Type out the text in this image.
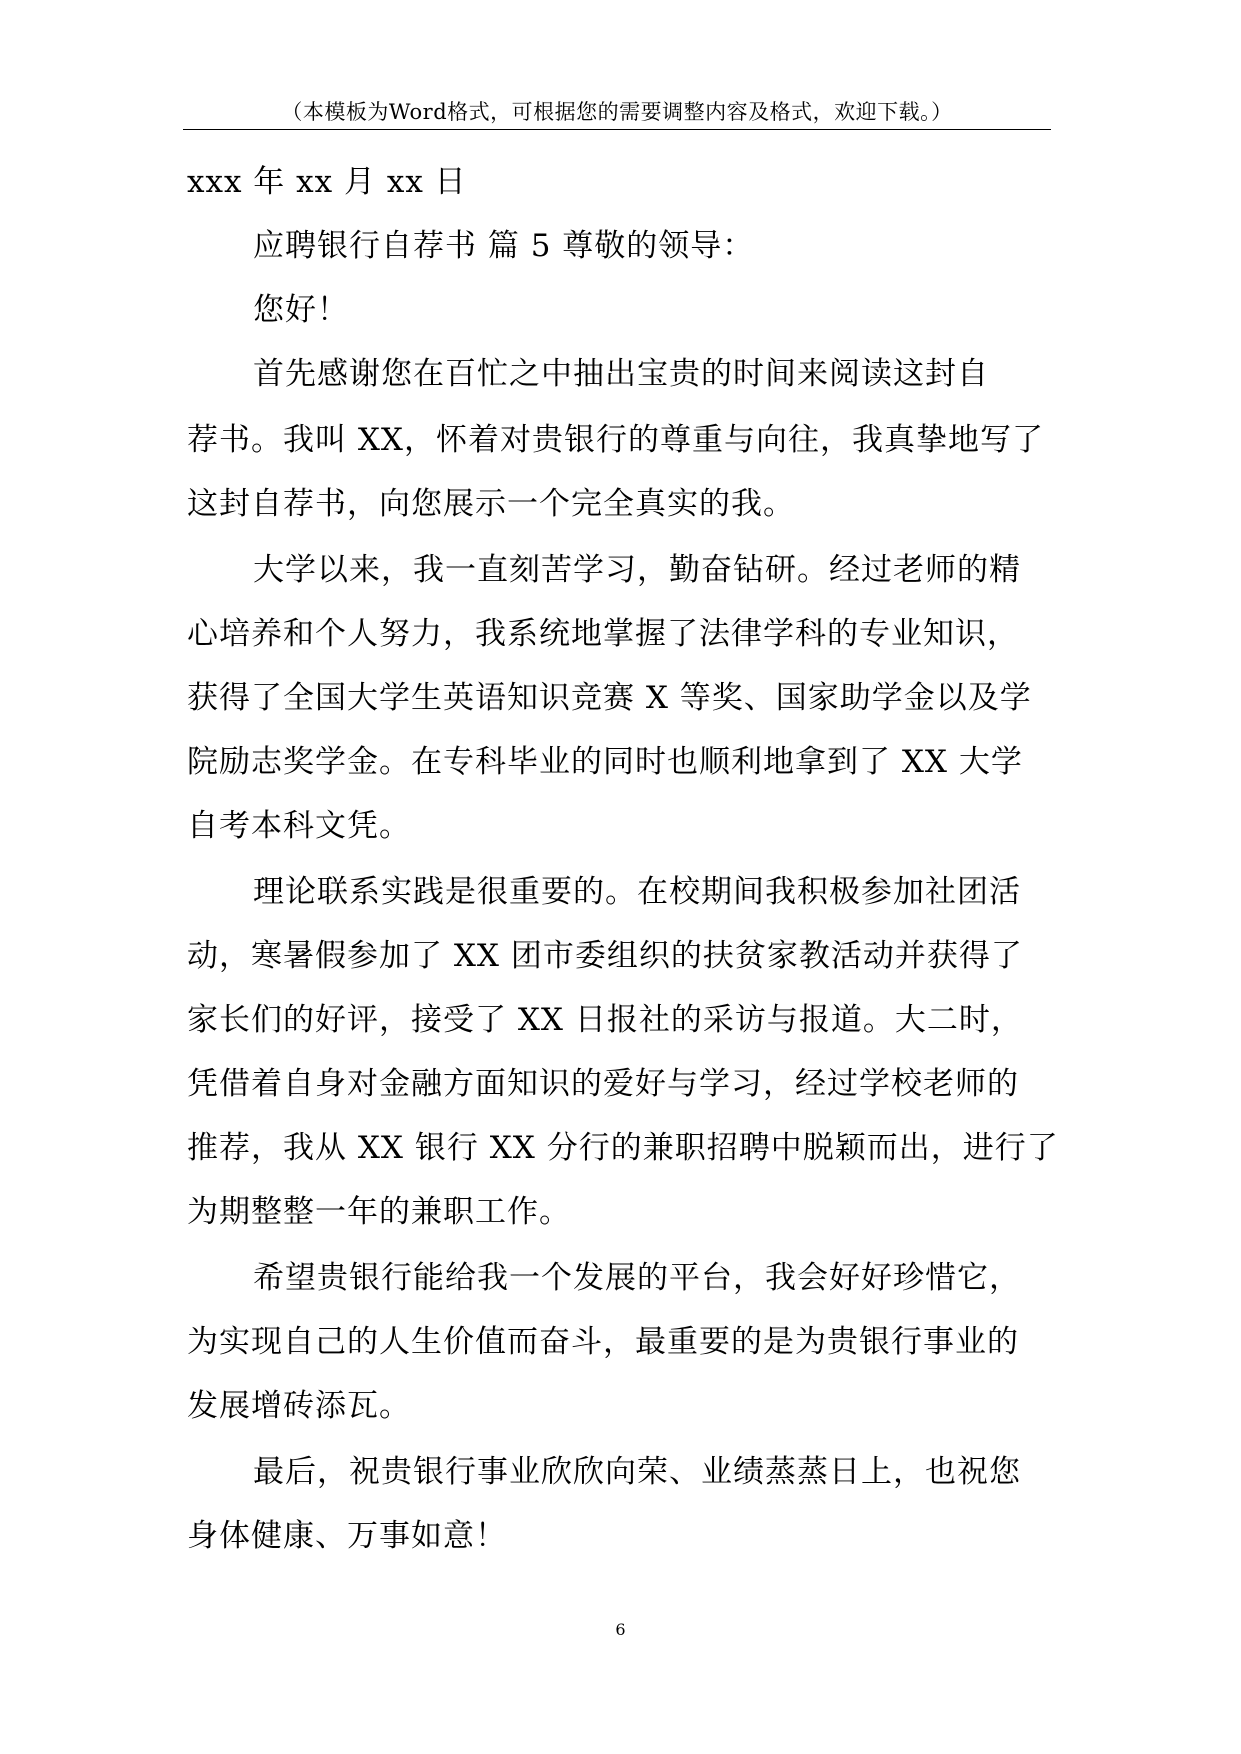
（本模板为Word格式，可根据您的需要调整内容及格式，欢迎下载。）
xxx 年 xx 月 xx 日
应聘银行自荐书 篇 5 尊敬的领导：
您好！
首先感谢您在百忙之中抽出宝贵的时间来阅读这封自
荐书。我叫 XX，怀着对贵银行的尊重与向往，我真挚地写了
这封自荐书，向您展示一个完全真实的我。
大学以来，我一直刻苦学习，勤奋钻研。经过老师的精
心培养和个人努力，我系统地掌握了法律学科的专业知识，
获得了全国大学生英语知识竞赛 X 等奖、国家助学金以及学
院励志奖学金。在专科毕业的同时也顺利地拿到了 XX 大学
自考本科文凭。
理论联系实践是很重要的。在校期间我积极参加社团活
动，寒暑假参加了 XX 团市委组织的扶贫家教活动并获得了
家长们的好评，接受了 XX 日报社的采访与报道。大二时，
凭借着自身对金融方面知识的爱好与学习，经过学校老师的
推荐，我从 XX 银行 XX 分行的兼职招聘中脱颖而出，进行了
为期整整一年的兼职工作。
希望贵银行能给我一个发展的平台，我会好好珍惜它，
为实现自己的人生价值而奋斗，最重要的是为贵银行事业的
发展增砖添瓦。
最后，祝贵银行事业欣欣向荣、业绩蒸蒸日上，也祝您
身体健康、万事如意！
6
